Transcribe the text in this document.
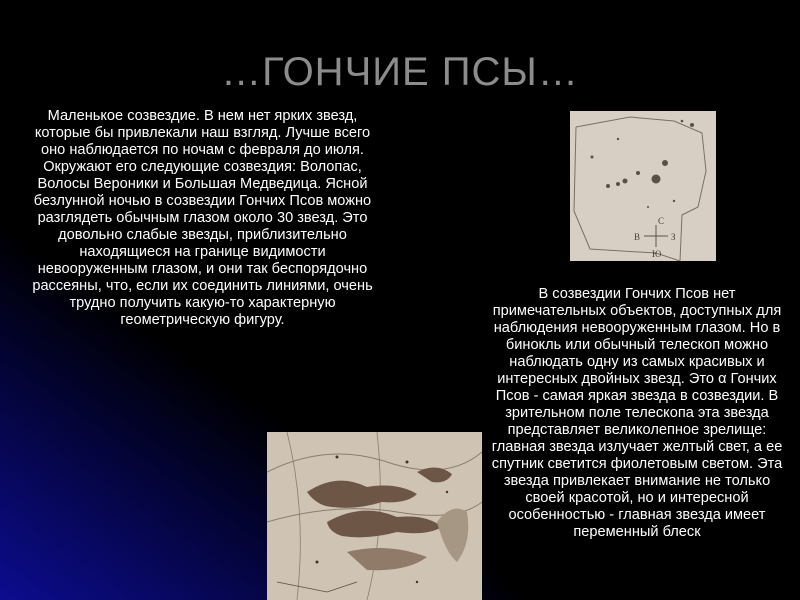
…ГОНЧИЕ ПСЫ…

Маленькое созвездие. В нем нет ярких звезд, которые бы привлекали наш взгляд. Лучше всего оно наблюдается по ночам с февраля до июля. Окружают его следующие созвездия: Волопас, Волосы Вероники и Большая Медведица. Ясной безлунной ночью в созвездии Гончих Псов можно разглядеть обычным глазом около 30 звезд. Это довольно слабые звезды, приблизительно находящиеся на границе видимости невооруженным глазом, и они так беспорядочно рассеяны, что, если их соединить линиями, очень трудно получить какую-то характерную геометрическую фигуру.

С
В	З
Ю

В созвездии Гончих Псов нет примечательных объектов, доступных для наблюдения невооруженным глазом. Но в бинокль или обычный телескоп можно наблюдать одну из самых красивых и интересных двойных звезд. Это α Гончих Псов - самая яркая звезда в созвездии. В зрительном поле телескопа эта звезда представляет великолепное зрелище: главная звезда излучает желтый свет, а ее спутник светится фиолетовым светом. Эта звезда привлекает внимание не только своей красотой, но и интересной особенностью - главная звезда имеет переменный блеск
